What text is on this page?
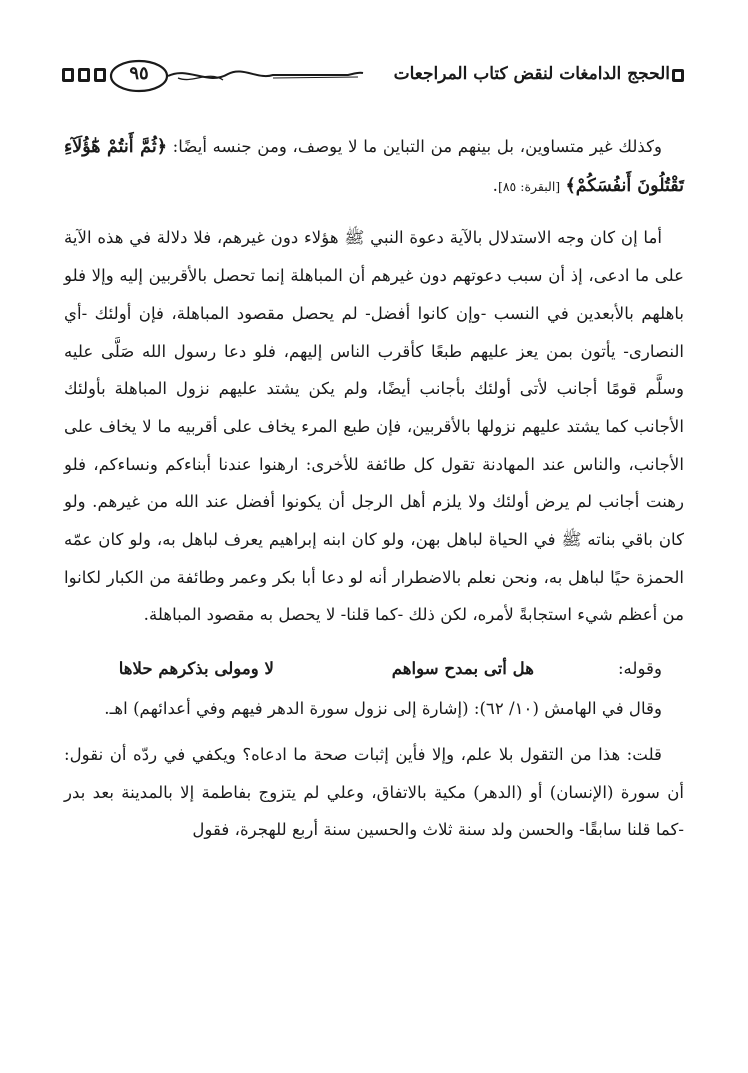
٩٥	الحجج الدامغات لنقض كتاب المراجعات

وكذلك غير متساوين، بل بينهم من التباين ما لا يوصف، ومن جنسه أيضًا: ﴿ثُمَّ أَنتُمْ هَٰٓؤُلَآءِ تَقْتُلُونَ أَنفُسَكُمْ﴾ [البقرة: ٨٥].

أما إن كان وجه الاستدلال بالآية دعوة النبي ﷺ هؤلاء دون غيرهم، فلا دلالة في هذه الآية على ما ادعى، إذ أن سبب دعوتهم دون غيرهم أن المباهلة إنما تحصل بالأقربين إليه وإلا فلو باهلهم بالأبعدين في النسب -وإن كانوا أفضل- لم يحصل مقصود المباهلة، فإن أولئك -أي النصارى- يأتون بمن يعز عليهم طبعًا كأقرب الناس إليهم، فلو دعا رسول الله صَلَّى عليه وسلَّم قومًا أجانب لأتى أولئك بأجانب أيضًا، ولم يكن يشتد عليهم نزول المباهلة بأولئك الأجانب كما يشتد عليهم نزولها بالأقربين، فإن طبع المرء يخاف على أقربيه ما لا يخاف على الأجانب، والناس عند المهادنة تقول كل طائفة للأخرى: ارهنوا عندنا أبناءكم ونساءكم، فلو رهنت أجانب لم يرض أولئك ولا يلزم أهل الرجل أن يكونوا أفضل عند الله من غيرهم. ولو كان باقي بناته ﷺ في الحياة لباهل بهن، ولو كان ابنه إبراهيم يعرف لباهل به، ولو كان عمّه الحمزة حيًا لباهل به، ونحن نعلم بالاضطرار أنه لو دعا أبا بكر وعمر وطائفة من الكبار لكانوا من أعظم شيء استجابةً لأمره، لكن ذلك -كما قلنا- لا يحصل به مقصود المباهلة.

وقوله:
هل أتى بمدح سواهم
لا ومولى بذكرهم حلاها

وقال في الهامش (١٠/ ٦٢): (إشارة إلى نزول سورة الدهر فيهم وفي أعدائهم) اهـ.

قلت: هذا من التقول بلا علم، وإلا فأين إثبات صحة ما ادعاه؟ ويكفي في ردّه أن نقول: أن سورة (الإنسان) أو (الدهر) مكية بالاتفاق، وعلي لم يتزوج بفاطمة إلا بالمدينة بعد بدر -كما قلنا سابقًا- والحسن ولد سنة ثلاث والحسين سنة أربع للهجرة، فقول
